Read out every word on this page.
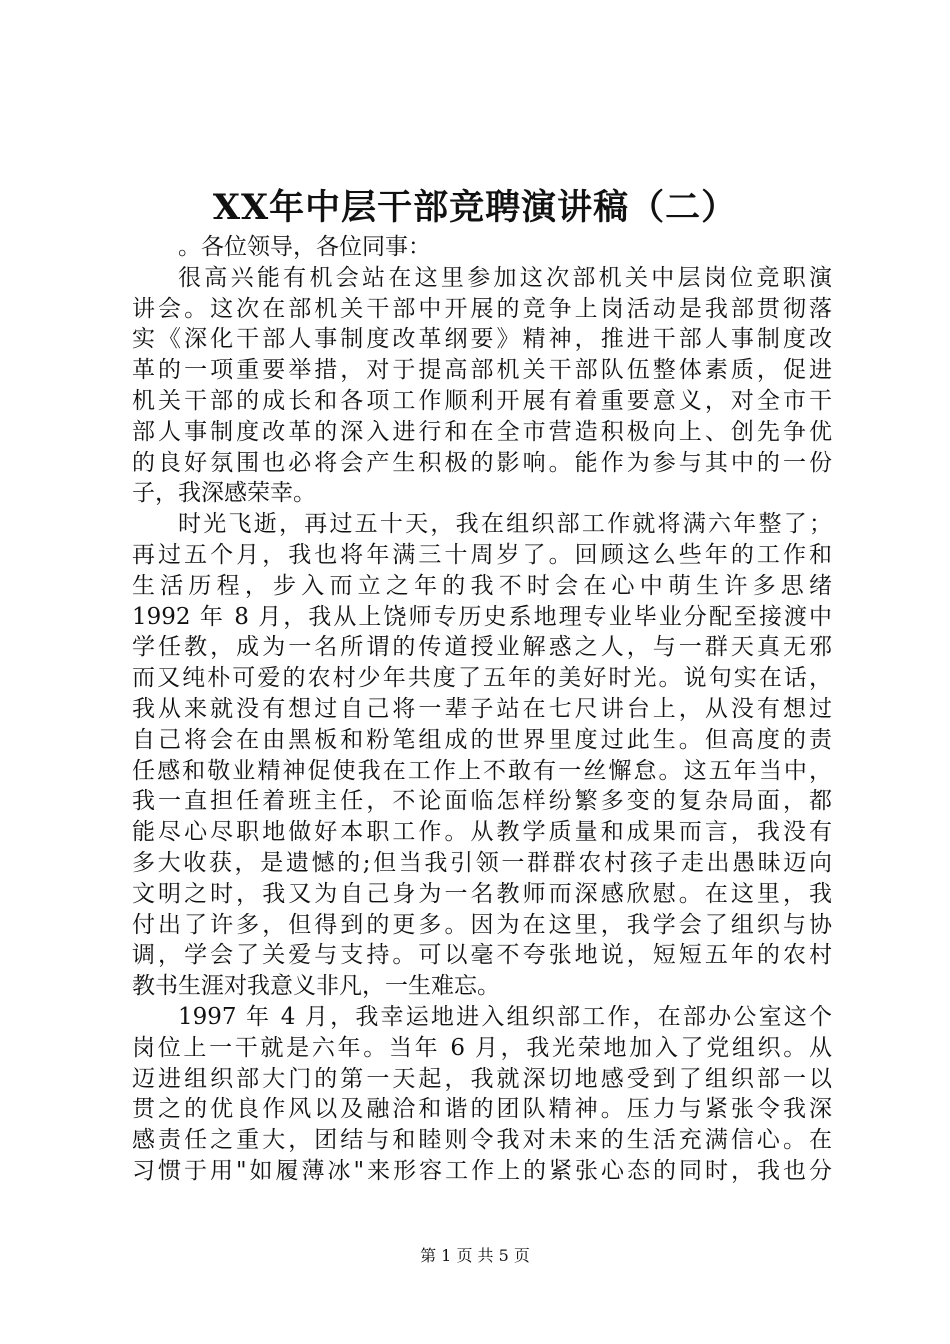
XX年中层干部竞聘演讲稿（二）
。各位领导，各位同事：
很高兴能有机会站在这里参加这次部机关中层岗位竞职演
讲会。这次在部机关干部中开展的竞争上岗活动是我部贯彻落
实《深化干部人事制度改革纲要》精神，推进干部人事制度改
革的一项重要举措，对于提高部机关干部队伍整体素质，促进
机关干部的成长和各项工作顺利开展有着重要意义，对全市干
部人事制度改革的深入进行和在全市营造积极向上、创先争优
的良好氛围也必将会产生积极的影响。能作为参与其中的一份
子，我深感荣幸。
时光飞逝，再过五十天，我在组织部工作就将满六年整了；
再过五个月，我也将年满三十周岁了。回顾这么些年的工作和
生活历程，步入而立之年的我不时会在心中萌生许多思绪
1992 年 8 月，我从上饶师专历史系地理专业毕业分配至接渡中
学任教，成为一名所谓的传道授业解惑之人，与一群天真无邪
而又纯朴可爱的农村少年共度了五年的美好时光。说句实在话，
我从来就没有想过自己将一辈子站在七尺讲台上，从没有想过
自己将会在由黑板和粉笔组成的世界里度过此生。但高度的责
任感和敬业精神促使我在工作上不敢有一丝懈怠。这五年当中，
我一直担任着班主任，不论面临怎样纷繁多变的复杂局面，都
能尽心尽职地做好本职工作。从教学质量和成果而言，我没有
多大收获，是遗憾的;但当我引领一群群农村孩子走出愚昧迈向
文明之时，我又为自己身为一名教师而深感欣慰。在这里，我
付出了许多，但得到的更多。因为在这里，我学会了组织与协
调，学会了关爱与支持。可以毫不夸张地说，短短五年的农村
教书生涯对我意义非凡，一生难忘。
1997 年 4 月，我幸运地进入组织部工作，在部办公室这个
岗位上一干就是六年。当年 6 月，我光荣地加入了党组织。从
迈进组织部大门的第一天起，我就深切地感受到了组织部一以
贯之的优良作风以及融洽和谐的团队精神。压力与紧张令我深
感责任之重大，团结与和睦则令我对未来的生活充满信心。在
习惯于用"如履薄冰"来形容工作上的紧张心态的同时，我也分
第 1 页 共 5 页
